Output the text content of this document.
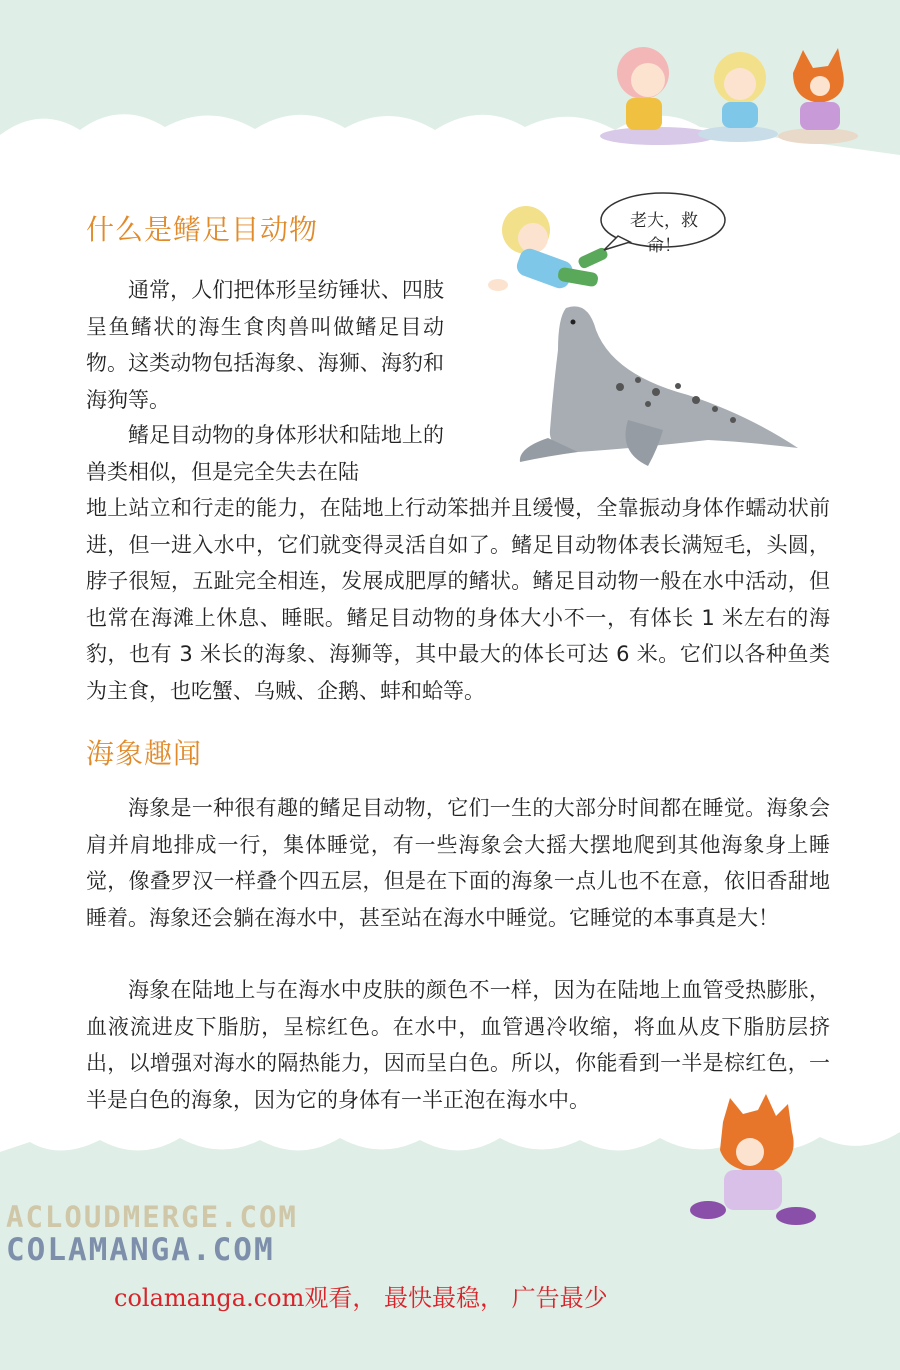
什么是鳍足目动物

通常，人们把体形呈纺锤状、四肢呈鱼鳍状的海生食肉兽叫做鳍足目动物。这类动物包括海象、海狮、海豹和海狗等。

鳍足目动物的身体形状和陆地上的兽类相似，但是完全失去在陆

地上站立和行走的能力，在陆地上行动笨拙并且缓慢，全靠振动身体作蠕动状前进，但一进入水中，它们就变得灵活自如了。鳍足目动物体表长满短毛，头圆，脖子很短，五趾完全相连，发展成肥厚的鳍状。鳍足目动物一般在水中活动，但也常在海滩上休息、睡眠。鳍足目动物的身体大小不一，有体长 1 米左右的海豹，也有 3 米长的海象、海狮等，其中最大的体长可达 6 米。它们以各种鱼类为主食，也吃蟹、乌贼、企鹅、蚌和蛤等。

老大，救命！
海象趣闻

海象是一种很有趣的鳍足目动物，它们一生的大部分时间都在睡觉。海象会肩并肩地排成一行，集体睡觉，有一些海象会大摇大摆地爬到其他海象身上睡觉，像叠罗汉一样叠个四五层，但是在下面的海象一点儿也不在意，依旧香甜地睡着。海象还会躺在海水中，甚至站在海水中睡觉。它睡觉的本事真是大！

海象在陆地上与在海水中皮肤的颜色不一样，因为在陆地上血管受热膨胀，血液流进皮下脂肪，呈棕红色。在水中，血管遇冷收缩，将血从皮下脂肪层挤出，以增强对海水的隔热能力，因而呈白色。所以，你能看到一半是棕红色，一半是白色的海象，因为它的身体有一半正泡在海水中。

ACLOUDMERGE.COM
COLAMANGA.COM
colamanga.com观看， 最快最稳， 广告最少
